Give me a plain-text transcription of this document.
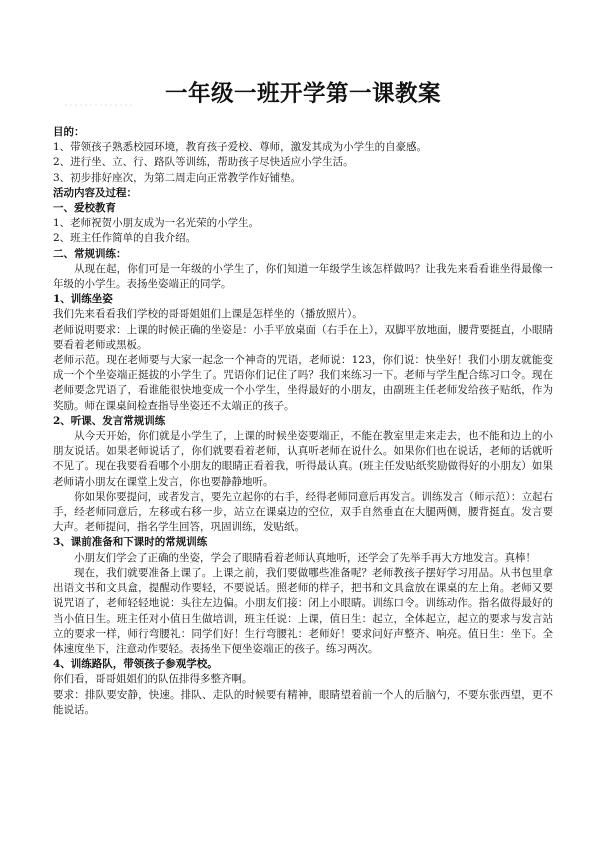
一年级一班开学第一课教案

目的：

1、带领孩子熟悉校园环境，教育孩子爱校、尊师，激发其成为小学生的自豪感。

2、进行坐、立、行、路队等训练，帮助孩子尽快适应小学生活。

3、初步排好座次，为第二周走向正常教学作好铺垫。

活动内容及过程：

一、爱校教育

1、老师祝贺小朋友成为一名光荣的小学生。

2、班主任作简单的自我介绍。

二、常规训练：

从现在起，你们可是一年级的小学生了，你们知道一年级学生该怎样做吗？让我先来看看谁坐得最像一年级的小学生。表扬坐姿端正的同学。

1、训练坐姿

我们先来看看我们学校的哥哥姐姐们上课是怎样坐的（播放照片）。

老师说明要求：上课的时候正确的坐姿是：小手平放桌面（右手在上），双脚平放地面，腰背要挺直，小眼睛要看着老师或黑板。

老师示范。现在老师要与大家一起念一个神奇的咒语，老师说：123，你们说：快坐好！我们小朋友就能变成一个个坐姿端正挺拔的小学生了。咒语你们记住了吗？我们来练习一下。老师与学生配合练习口令。现在老师要念咒语了，看谁能很快地变成一个小学生，坐得最好的小朋友，由副班主任老师发给孩子贴纸，作为奖励。师在课桌间检查指导坐姿还不太端正的孩子。

2、听课、发言常规训练

从今天开始，你们就是小学生了，上课的时候坐姿要端正，不能在教室里走来走去，也不能和边上的小朋友说话。如果老师说话了，你们就要看着老师，认真听老师在说什么。如果你们也在说话，老师的话就听不见了。现在我要看看哪个小朋友的眼睛正看着我，听得最认真。(班主任发贴纸奖励做得好的小朋友）如果老师请小朋友在课堂上发言，你也要静静地听。

你如果你要提问，或者发言，要先立起你的右手，经得老师同意后再发言。训练发言（师示范）：立起右手，经老师同意后，左移或右移一步，站立在课桌边的空位，双手自然垂直在大腿两侧，腰背挺直。发言要大声。老师提问，指名学生回答，巩固训练，发贴纸。

3、课前准备和下课时的常规训练

小朋友们学会了正确的坐姿，学会了眼睛看着老师认真地听，还学会了先举手再大方地发言。真棒！

现在，我们就要准备上课了。上课之前，我们要做哪些准备呢？老师教孩子摆好学习用品。从书包里拿出语文书和文具盒，提醒动作要轻，不要说话。照老师的样子，把书和文具盒放在课桌的左上角。老师又要说咒语了，老师轻轻地说：头往左边偏。小朋友们接：闭上小眼睛。训练口令。训练动作。指名做得最好的当小值日生。班主任对小值日生做培训，班主任说：上课，值日生：起立，全体起立，起立的要求与发言站立的要求一样，师行弯腰礼：同学们好！生行弯腰礼：老师好！要求问好声整齐、响亮。值日生：坐下。全体速度坐下，注意动作要轻。表扬坐下便坐姿端正的孩子。练习两次。

4、训练路队，带领孩子参观学校。

你们看，哥哥姐姐们的队伍排得多整齐啊。

要求：排队要安静，快速。排队、走队的时候要有精神，眼睛望着前一个人的后脑勺，不要东张西望，更不能说话。
